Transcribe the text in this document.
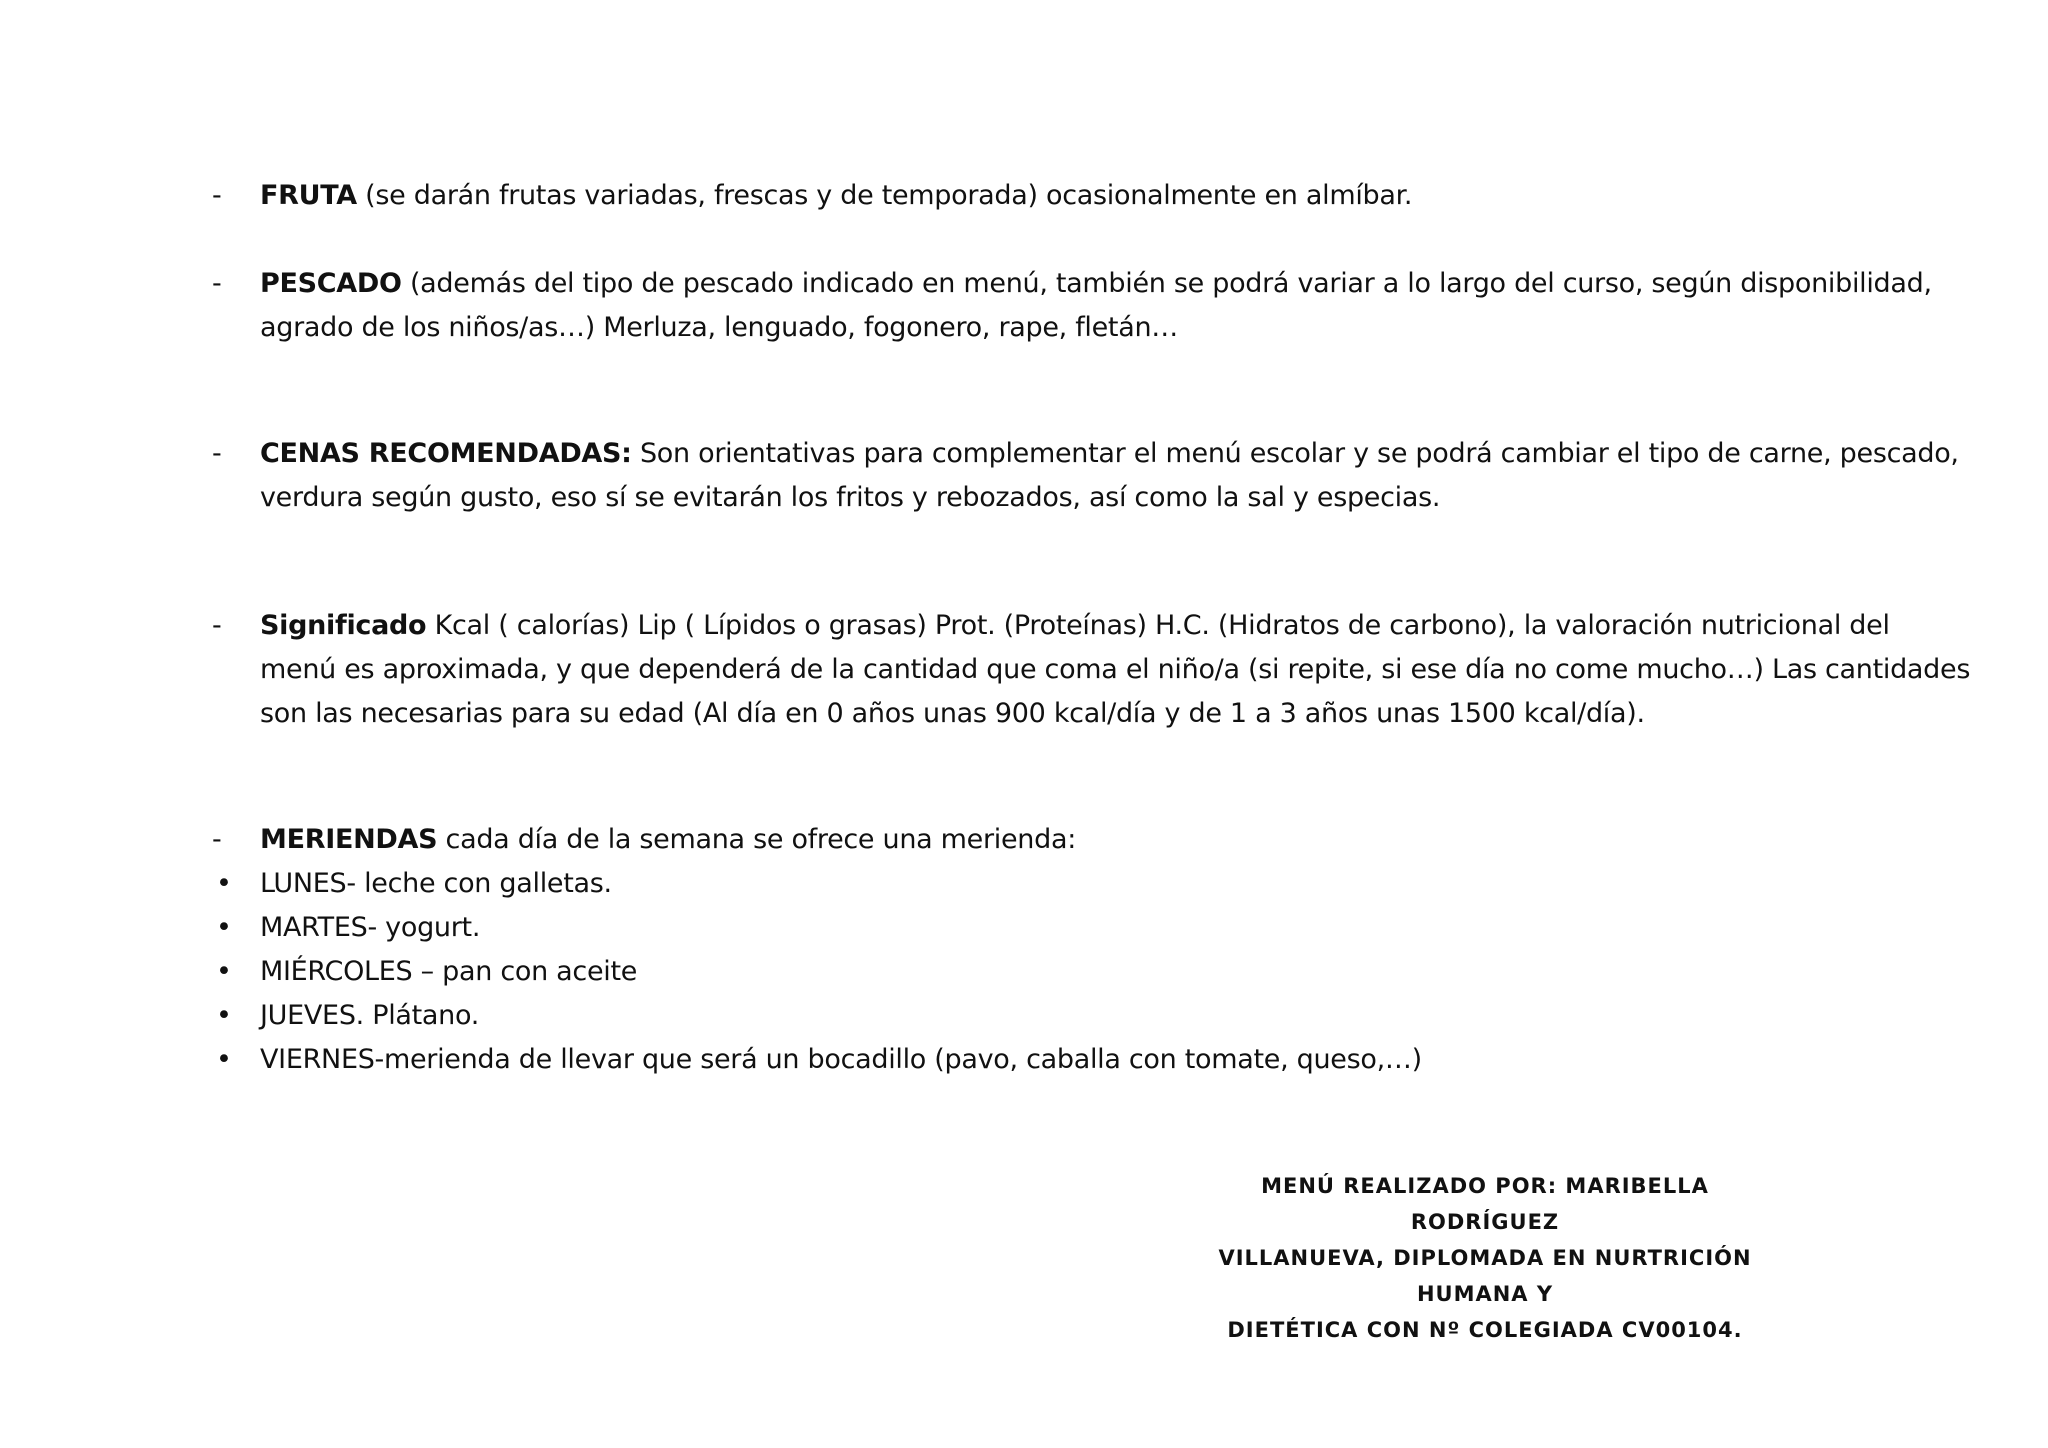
-	FRUTA (se darán frutas variadas, frescas y de temporada) ocasionalmente en almíbar.
-	PESCADO (además del tipo de pescado indicado en menú, también se podrá variar a lo largo del curso, según disponibilidad, agrado de los niños/as…) Merluza, lenguado, fogonero, rape, fletán…
-	CENAS RECOMENDADAS: Son orientativas para complementar el menú escolar y se podrá cambiar el tipo de carne, pescado, verdura según gusto, eso sí se evitarán los fritos y rebozados, así como la sal y especias.
-	Significado Kcal ( calorías) Lip ( Lípidos o grasas) Prot. (Proteínas) H.C. (Hidratos de carbono), la valoración nutricional del menú es aproximada, y que dependerá de la cantidad que coma el niño/a (si repite, si ese día no come mucho…) Las cantidades son las necesarias para su edad (Al día en 0 años unas 900 kcal/día y de 1 a 3 años unas 1500 kcal/día).
-	MERIENDAS cada día de la semana se ofrece una merienda:
• LUNES- leche con galletas.
• MARTES- yogurt.
• MIÉRCOLES – pan con aceite
• JUEVES. Plátano.
• VIERNES-merienda de llevar que será un bocadillo (pavo, caballa con tomate, queso,…)
MENÚ REALIZADO POR: MARIBELLA RODRÍGUEZ
VILLANUEVA, DIPLOMADA EN NURTRICIÓN HUMANA Y
DIETÉTICA CON Nº COLEGIADA CV00104.
